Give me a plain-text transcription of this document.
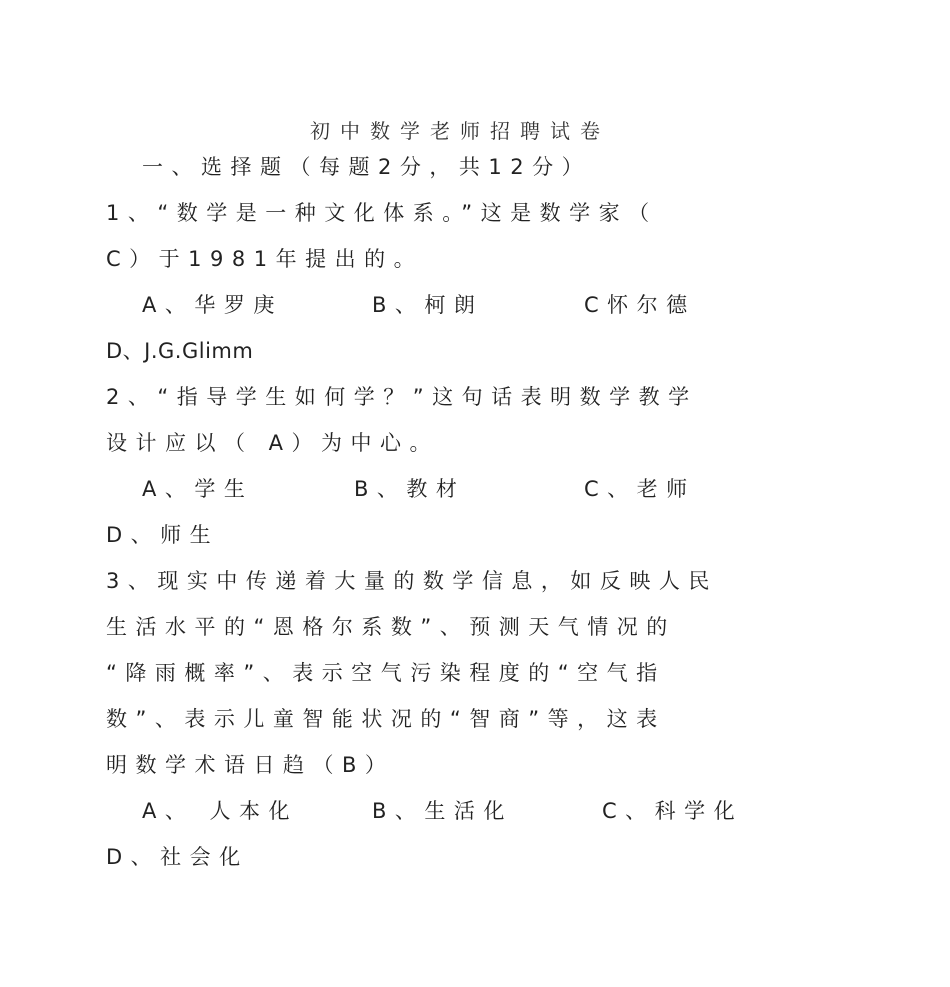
初中数学老师招聘试卷
一、选择题（每题2分，共12分）
1、“数学是一种文化体系。”这是数学家（
C）于1981年提出的。
A、华罗庚	B、柯朗	C怀尔德
D、J.G.Glimm
2、“指导学生如何学？”这句话表明数学教学
设计应以（ A）为中心。
A、学生	B、教材	C、老师
D、师生
3、现实中传递着大量的数学信息，如反映人民
生活水平的“恩格尔系数”、预测天气情况的
“降雨概率”、表示空气污染程度的“空气指
数”、表示儿童智能状况的“智商”等，这表
明数学术语日趋（B）
A、 人本化	B、生活化	C、科学化
D、社会化
